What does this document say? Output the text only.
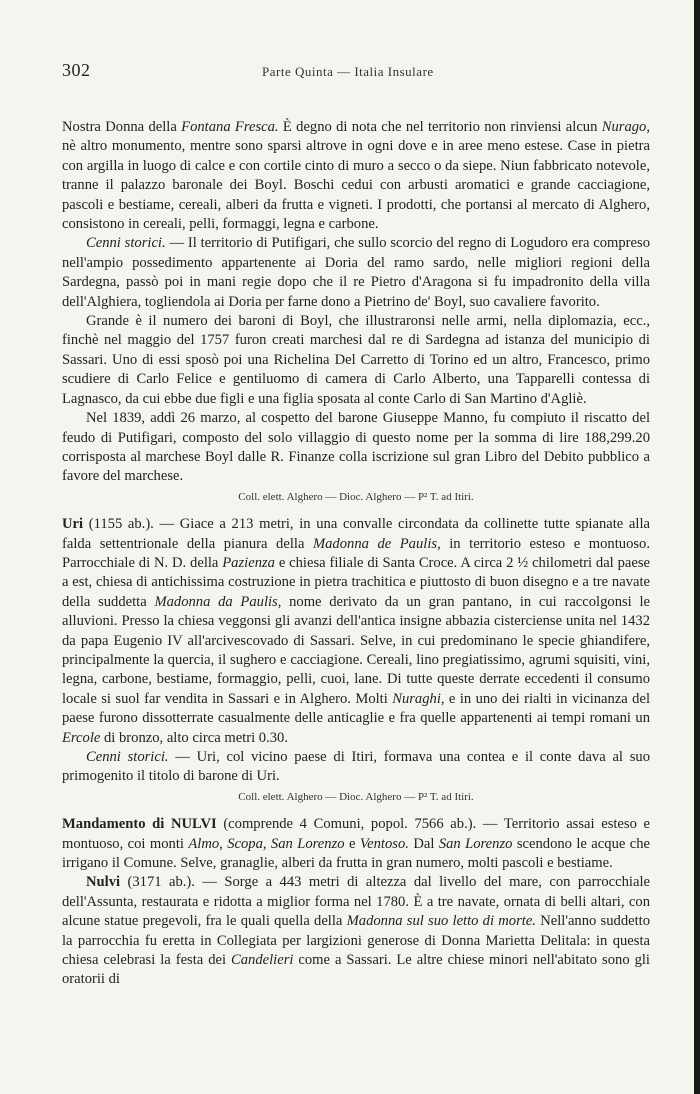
302	Parte Quinta — Italia Insulare

Nostra Donna della Fontana Fresca. È degno di nota che nel territorio non rinviensi alcun Nurago, nè altro monumento, mentre sono sparsi altrove in ogni dove e in aree meno estese. Case in pietra con argilla in luogo di calce e con cortile cinto di muro a secco o da siepe. Niun fabbricato notevole, tranne il palazzo baronale dei Boyl. Boschi cedui con arbusti aromatici e grande cacciagione, pascoli e bestiame, cereali, alberi da frutta e vigneti. I prodotti, che portansi al mercato di Alghero, consistono in cereali, pelli, formaggi, legna e carbone.

Cenni storici. — Il territorio di Putifigari, che sullo scorcio del regno di Logudoro era compreso nell'ampio possedimento appartenente ai Doria del ramo sardo, nelle migliori regioni della Sardegna, passò poi in mani regie dopo che il re Pietro d'Aragona si fu impadronito della villa dell'Alghiera, togliendola ai Doria per farne dono a Pietrino de' Boyl, suo cavaliere favorito.

Grande è il numero dei baroni di Boyl, che illustraronsi nelle armi, nella diplomazia, ecc., finchè nel maggio del 1757 furon creati marchesi dal re di Sardegna ad istanza del municipio di Sassari. Uno di essi sposò poi una Richelina Del Carretto di Torino ed un altro, Francesco, primo scudiere di Carlo Felice e gentiluomo di camera di Carlo Alberto, una Tapparelli contessa di Lagnasco, da cui ebbe due figli e una figlia sposata al conte Carlo di San Martino d'Agliè.

Nel 1839, addì 26 marzo, al cospetto del barone Giuseppe Manno, fu compiuto il riscatto del feudo di Putifigari, composto del solo villaggio di questo nome per la somma di lire 188,299.20 corrisposta al marchese Boyl dalle R. Finanze colla iscrizione sul gran Libro del Debito pubblico a favore del marchese.

Coll. elett. Alghero — Dioc. Alghero — P² T. ad Itiri.

Uri (1155 ab.). — Giace a 213 metri, in una convalle circondata da collinette tutte spianate alla falda settentrionale della pianura della Madonna de Paulis, in territorio esteso e montuoso. Parrocchiale di N. D. della Pazienza e chiesa filiale di Santa Croce. A circa 2 ½ chilometri dal paese a est, chiesa di antichissima costruzione in pietra trachitica e piuttosto di buon disegno e a tre navate della suddetta Madonna da Paulis, nome derivato da un gran pantano, in cui raccolgonsi le alluvioni. Presso la chiesa veggonsi gli avanzi dell'antica insigne abbazia cisterciense unita nel 1432 da papa Eugenio IV all'arcivescovado di Sassari. Selve, in cui predominano le specie ghiandifere, principalmente la quercia, il sughero e cacciagione. Cereali, lino pregiatissimo, agrumi squisiti, vini, legna, carbone, bestiame, formaggio, pelli, cuoi, lane. Di tutte queste derrate eccedenti il consumo locale si suol far vendita in Sassari e in Alghero. Molti Nuraghi, e in uno dei rialti in vicinanza del paese furono dissotterrate casualmente delle anticaglie e fra quelle appartenenti ai tempi romani un Ercole di bronzo, alto circa metri 0.30.

Cenni storici. — Uri, col vicino paese di Itiri, formava una contea e il conte dava al suo primogenito il titolo di barone di Uri.

Coll. elett. Alghero — Dioc. Alghero — P² T. ad Itiri.

Mandamento di NULVI (comprende 4 Comuni, popol. 7566 ab.). — Territorio assai esteso e montuoso, coi monti Almo, Scopa, San Lorenzo e Ventoso. Dal San Lorenzo scendono le acque che irrigano il Comune. Selve, granaglie, alberi da frutta in gran numero, molti pascoli e bestiame.

Nulvi (3171 ab.). — Sorge a 443 metri di altezza dal livello del mare, con parrocchiale dell'Assunta, restaurata e ridotta a miglior forma nel 1780. È a tre navate, ornata di belli altari, con alcune statue pregevoli, fra le quali quella della Madonna sul suo letto di morte. Nell'anno suddetto la parrocchia fu eretta in Collegiata per largizioni generose di Donna Marietta Delitala: in questa chiesa celebrasi la festa dei Candelieri come a Sassari. Le altre chiese minori nell'abitato sono gli oratorii di
